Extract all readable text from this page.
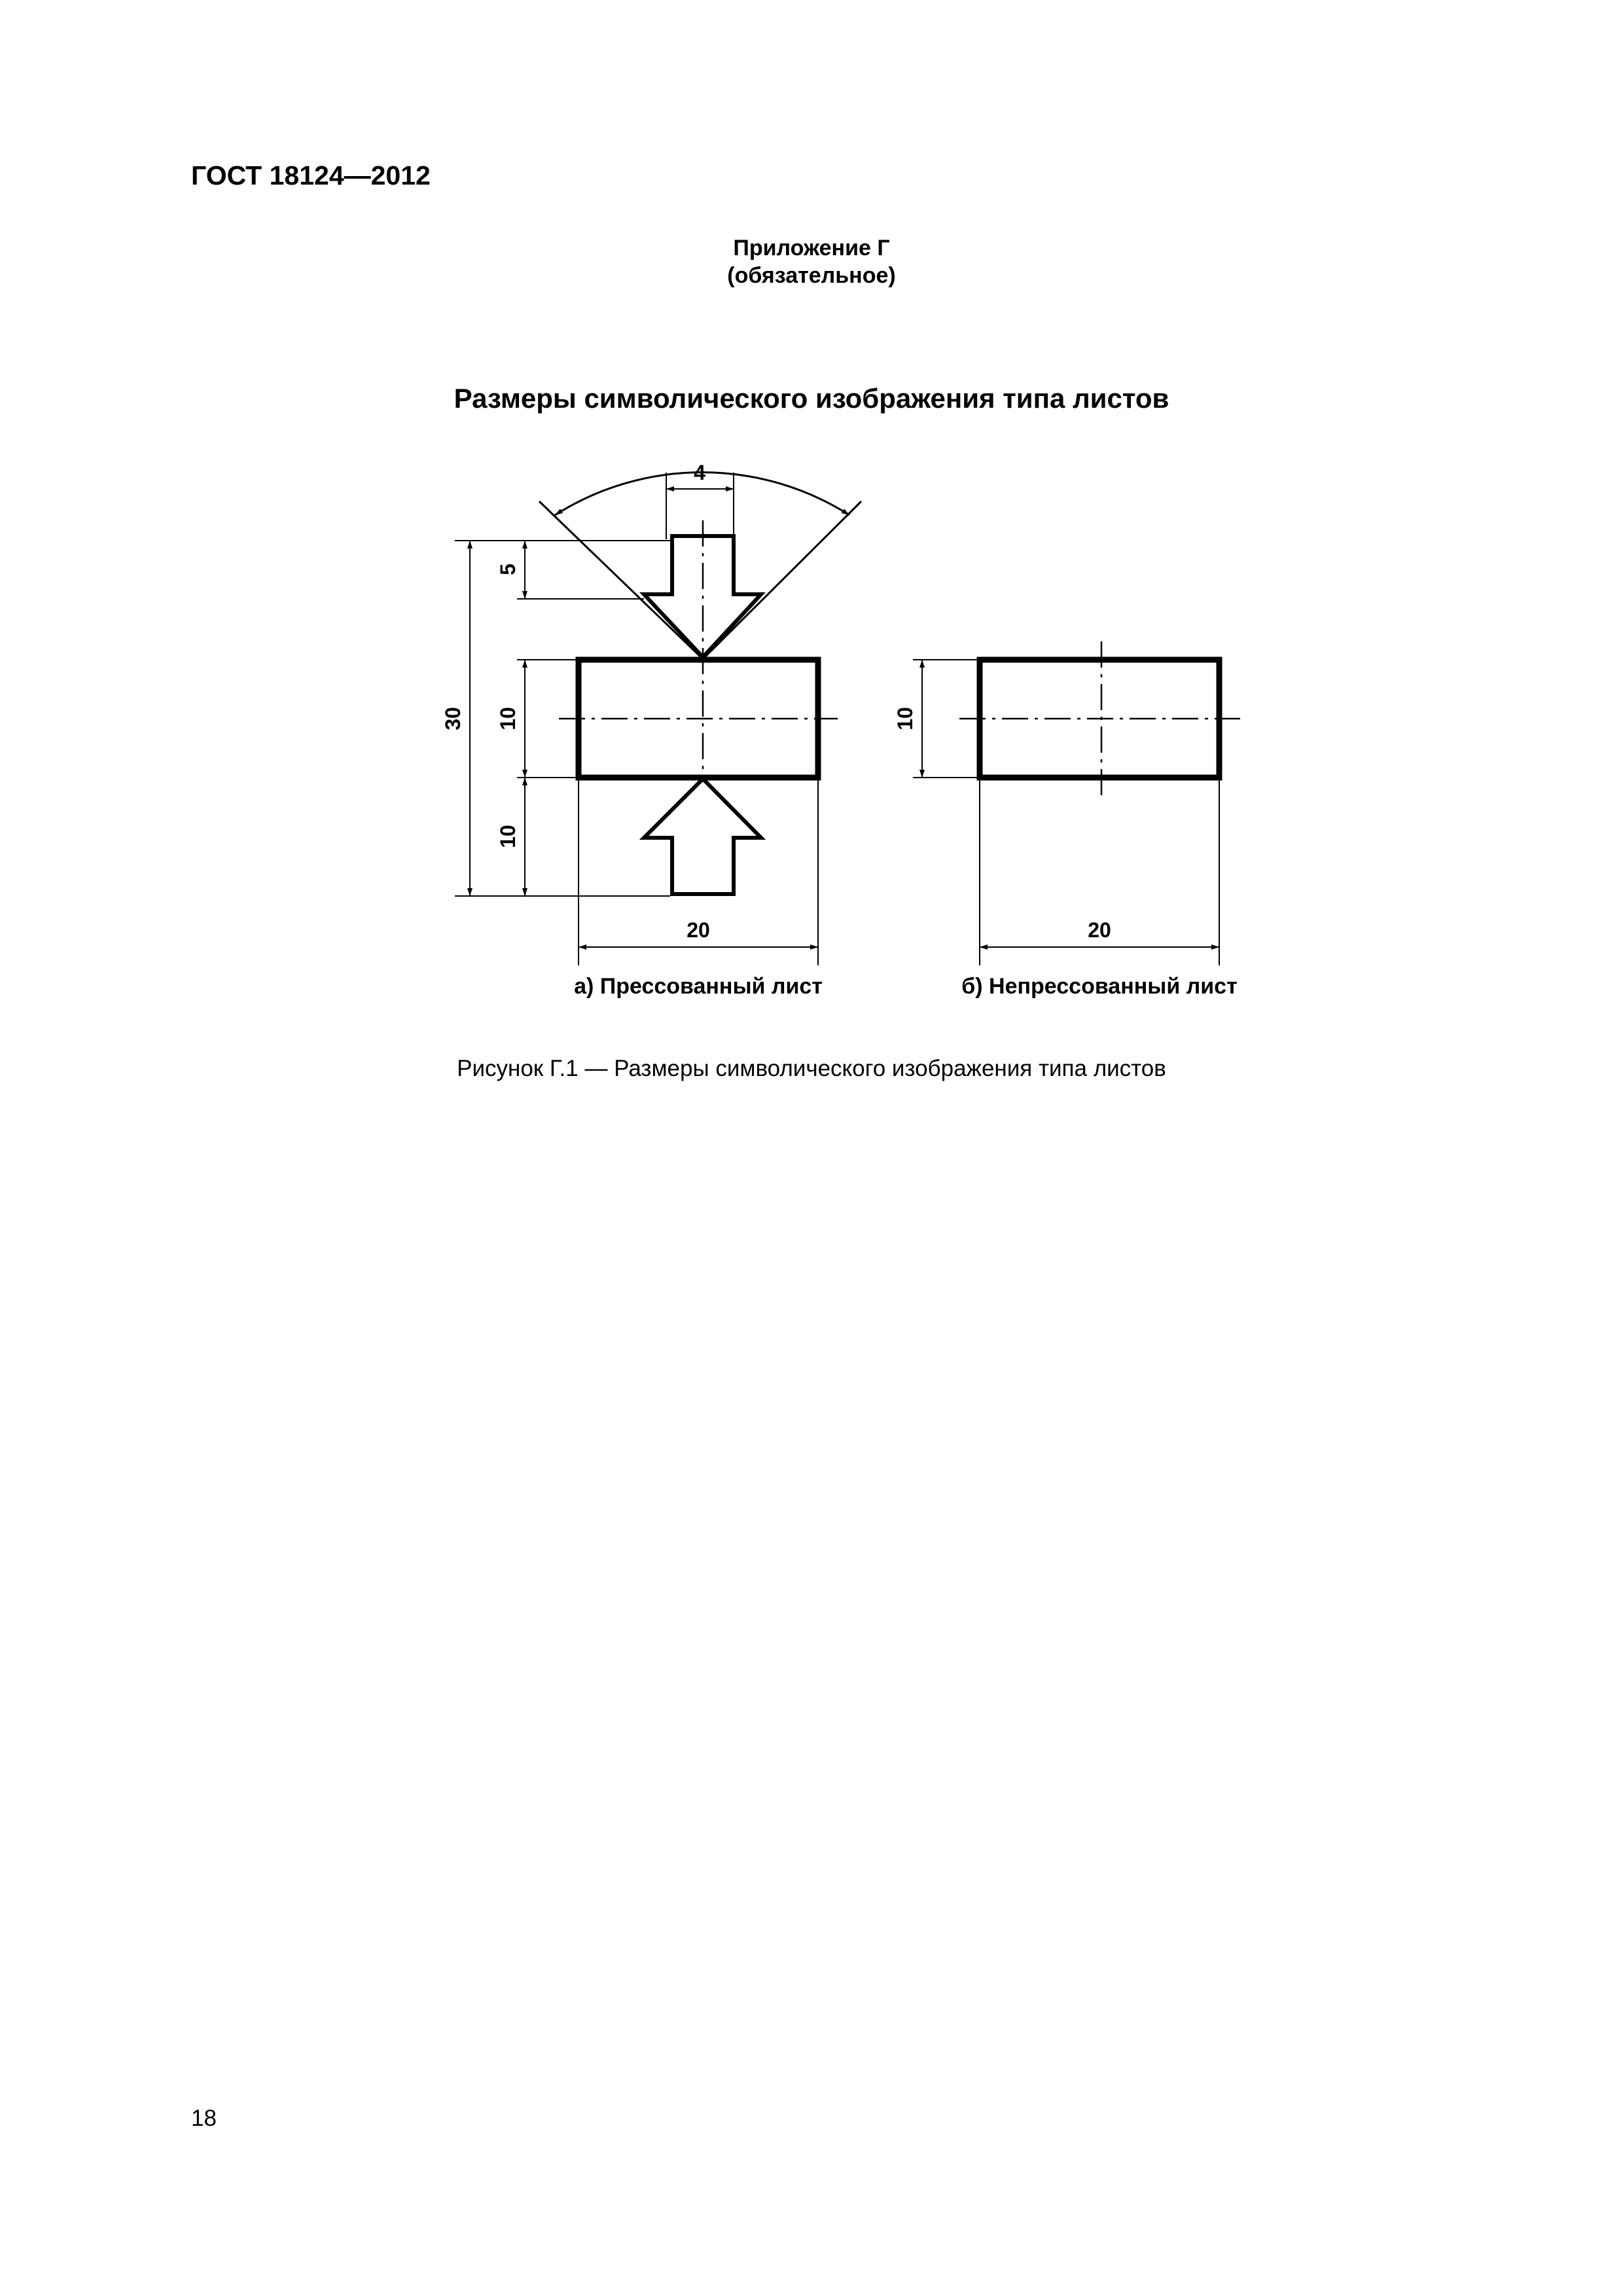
ГОСТ 18124—2012
Приложение Г
(обязательное)
Размеры символического изображения типа листов
4
5
10
10
30
20
а) Прессованный лист
10
20
б) Непрессованный лист
Рисунок Г.1 — Размеры символического изображения типа листов
18
